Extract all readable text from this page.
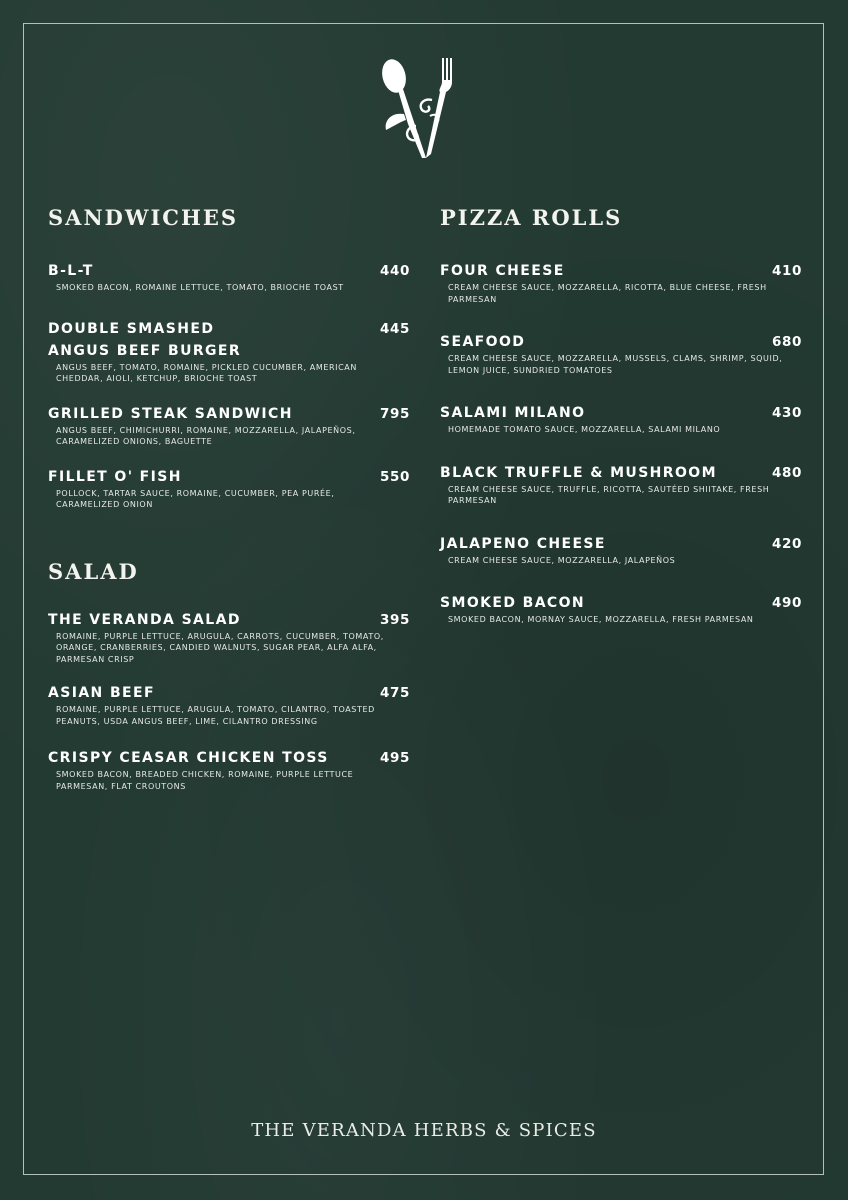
SANDWICHES
B-L-T	440
SMOKED BACON, ROMAINE LETTUCE, TOMATO, BRIOCHE TOAST
DOUBLE SMASHED
ANGUS BEEF BURGER
445
ANGUS BEEF, TOMATO, ROMAINE, PICKLED CUCUMBER, AMERICAN CHEDDAR, AIOLI, KETCHUP, BRIOCHE TOAST
GRILLED STEAK SANDWICH	795
ANGUS BEEF, CHIMICHURRI, ROMAINE, MOZZARELLA, JALAPEÑOS, CARAMELIZED ONIONS, BAGUETTE
FILLET O' FISH	550
POLLOCK, TARTAR SAUCE, ROMAINE, CUCUMBER, PEA PURÉE, CARAMELIZED ONION
SALAD
THE VERANDA SALAD	395
ROMAINE, PURPLE LETTUCE, ARUGULA, CARROTS, CUCUMBER, TOMATO, ORANGE, CRANBERRIES, CANDIED WALNUTS, SUGAR PEAR, ALFA ALFA, PARMESAN CRISP
ASIAN BEEF	475
ROMAINE, PURPLE LETTUCE, ARUGULA, TOMATO, CILANTRO, TOASTED PEANUTS, USDA ANGUS BEEF, LIME, CILANTRO DRESSING
CRISPY CEASAR CHICKEN TOSS	495
SMOKED BACON, BREADED CHICKEN, ROMAINE, PURPLE LETTUCE PARMESAN, FLAT CROUTONS
PIZZA ROLLS
FOUR CHEESE	410
CREAM CHEESE SAUCE, MOZZARELLA, RICOTTA, BLUE CHEESE, FRESH PARMESAN
SEAFOOD	680
CREAM CHEESE SAUCE, MOZZARELLA, MUSSELS, CLAMS, SHRIMP, SQUID, LEMON JUICE, SUNDRIED TOMATOES
SALAMI MILANO	430
HOMEMADE TOMATO SAUCE, MOZZARELLA, SALAMI MILANO
BLACK TRUFFLE & MUSHROOM	480
CREAM CHEESE SAUCE, TRUFFLE, RICOTTA, SAUTÉED SHIITAKE, FRESH PARMESAN
JALAPENO CHEESE	420
CREAM CHEESE SAUCE, MOZZARELLA, JALAPEÑOS
SMOKED BACON	490
SMOKED BACON, MORNAY SAUCE, MOZZARELLA, FRESH PARMESAN
THE VERANDA HERBS & SPICES
